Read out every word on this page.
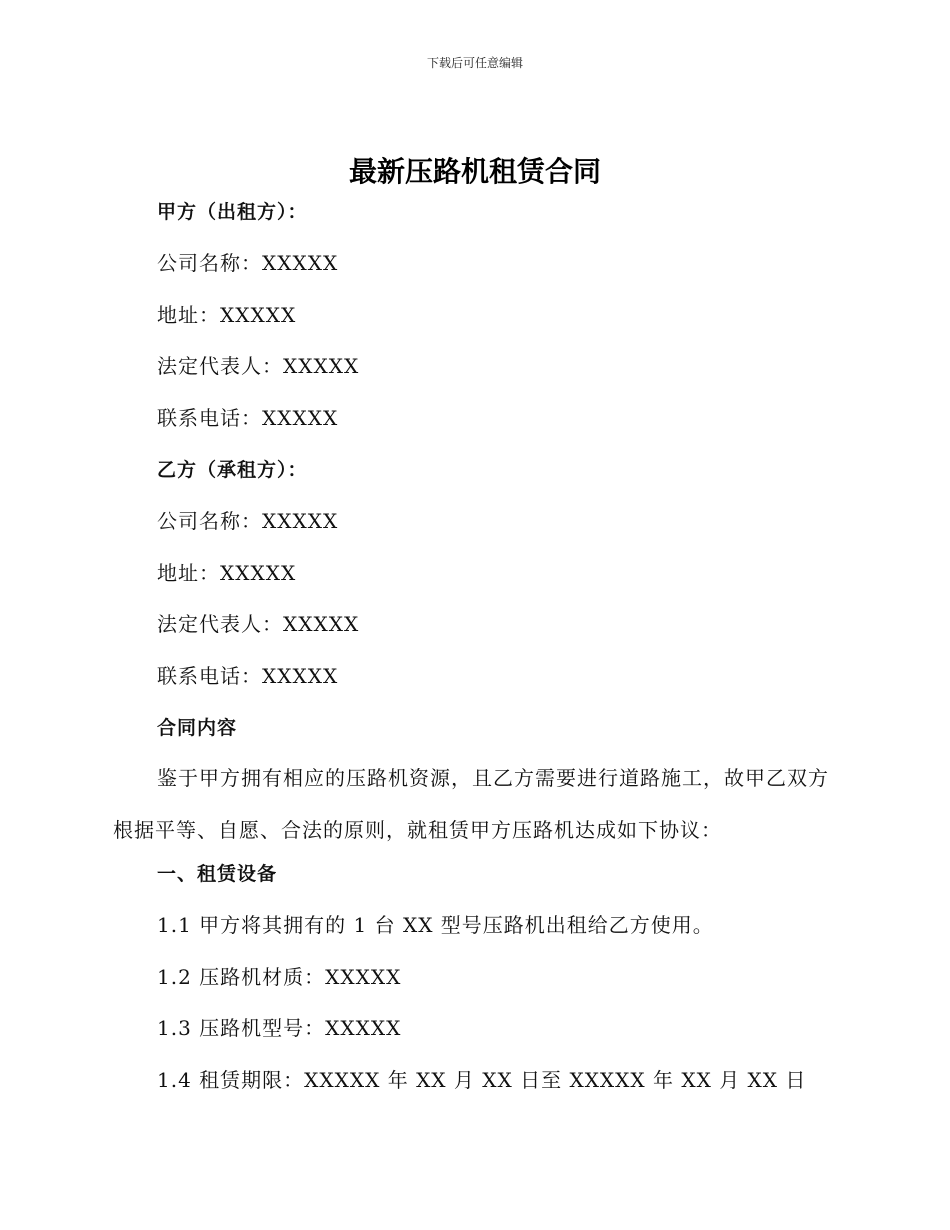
下载后可任意编辑
最新压路机租赁合同
甲方（出租方）：
公司名称：XXXXX
地址：XXXXX
法定代表人：XXXXX
联系电话：XXXXX
乙方（承租方）：
公司名称：XXXXX
地址：XXXXX
法定代表人：XXXXX
联系电话：XXXXX
合同内容
鉴于甲方拥有相应的压路机资源，且乙方需要进行道路施工，故甲乙双方根据平等、自愿、合法的原则，就租赁甲方压路机达成如下协议：
一、租赁设备
1.1 甲方将其拥有的 1 台 XX 型号压路机出租给乙方使用。
1.2 压路机材质：XXXXX
1.3 压路机型号：XXXXX
1.4 租赁期限：XXXXX 年 XX 月 XX 日至 XXXXX 年 XX 月 XX 日
